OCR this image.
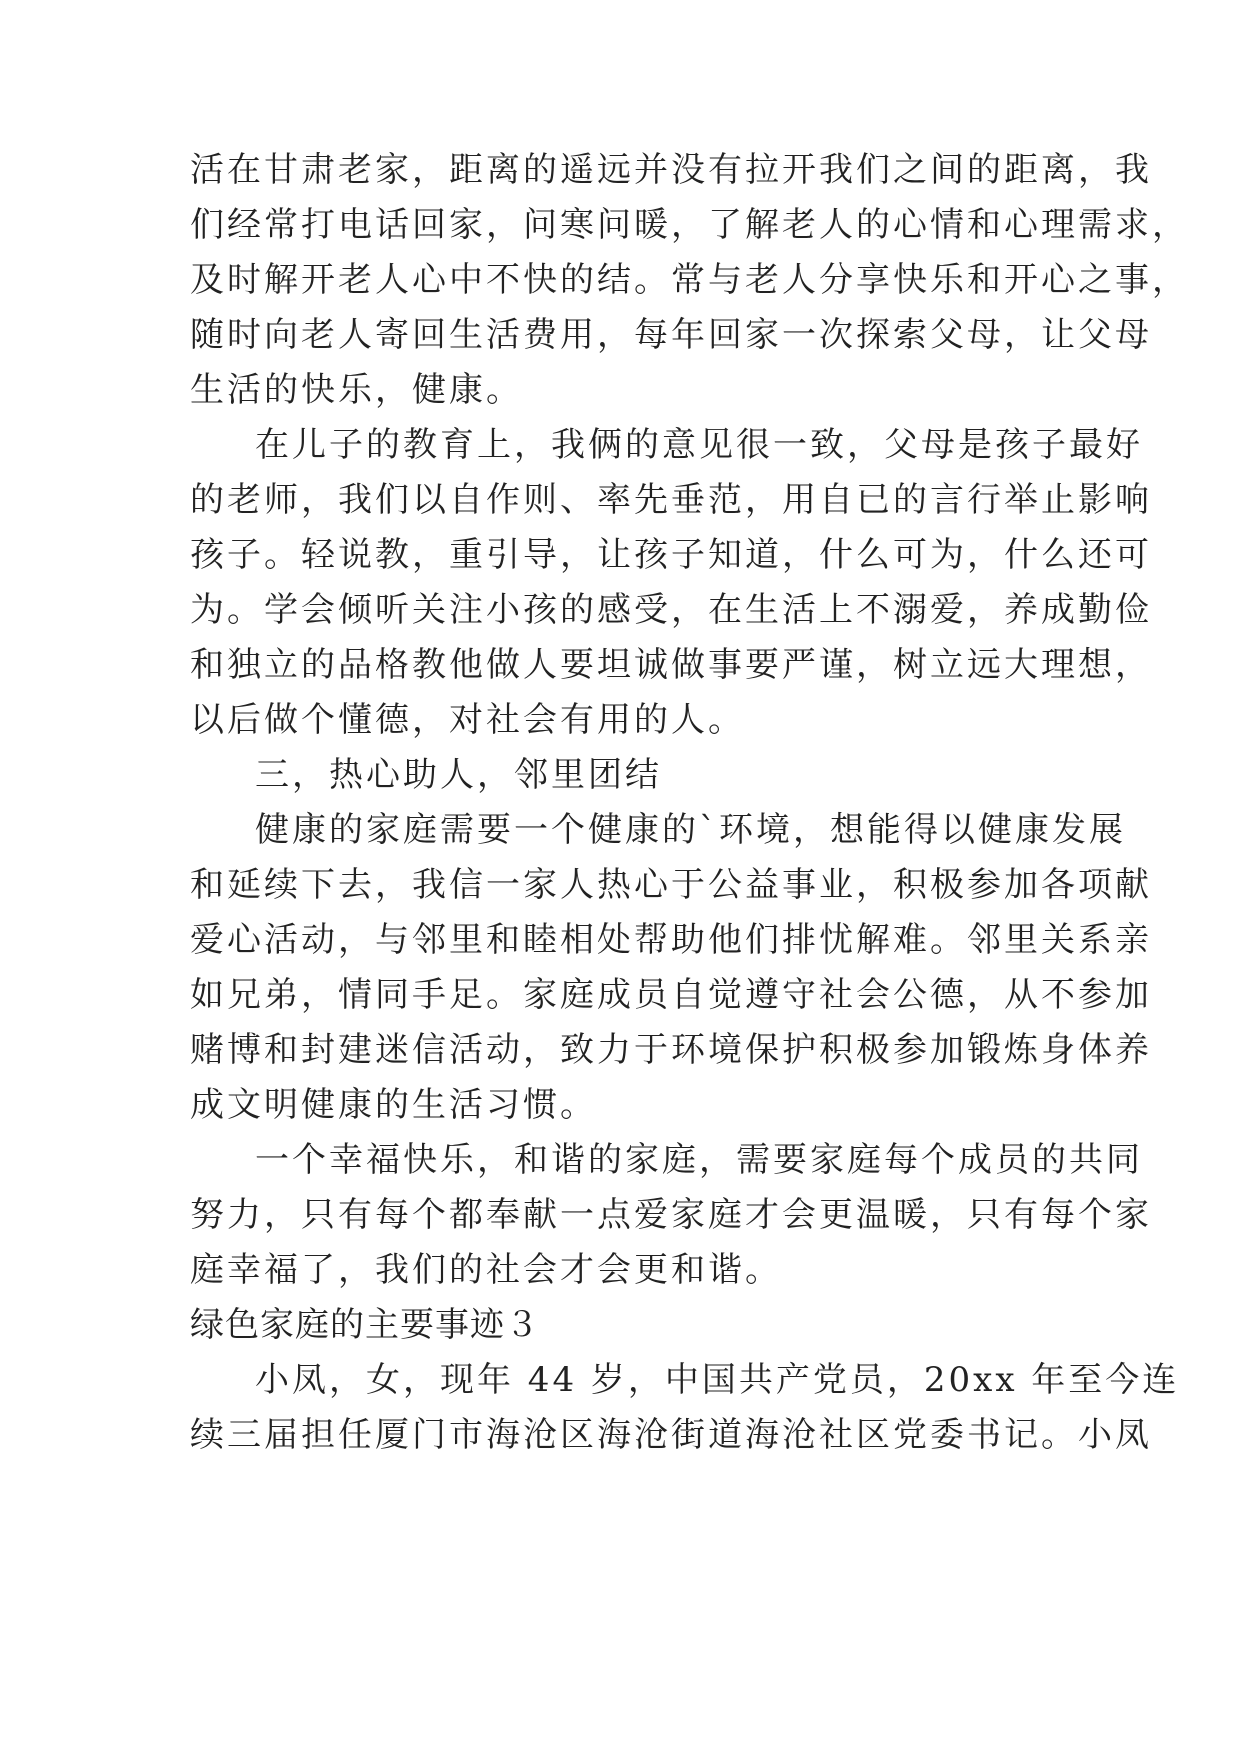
活在甘肃老家，距离的遥远并没有拉开我们之间的距离，我
们经常打电话回家，问寒问暖，了解老人的心情和心理需求，
及时解开老人心中不快的结。常与老人分享快乐和开心之事，
随时向老人寄回生活费用，每年回家一次探索父母，让父母
生活的快乐，健康。
在儿子的教育上，我俩的意见很一致，父母是孩子最好
的老师，我们以自作则、率先垂范，用自已的言行举止影响
孩子。轻说教，重引导，让孩子知道，什么可为，什么还可
为。学会倾听关注小孩的感受，在生活上不溺爱，养成勤俭
和独立的品格教他做人要坦诚做事要严谨，树立远大理想，
以后做个懂德，对社会有用的人。
三，热心助人，邻里团结
健康的家庭需要一个健康的`环境，想能得以健康发展
和延续下去，我信一家人热心于公益事业，积极参加各项献
爱心活动，与邻里和睦相处帮助他们排忧解难。邻里关系亲
如兄弟，情同手足。家庭成员自觉遵守社会公德，从不参加
赌博和封建迷信活动，致力于环境保护积极参加锻炼身体养
成文明健康的生活习惯。
一个幸福快乐，和谐的家庭，需要家庭每个成员的共同
努力，只有每个都奉献一点爱家庭才会更温暖，只有每个家
庭幸福了，我们的社会才会更和谐。
绿色家庭的主要事迹３
小凤，女，现年 44 岁，中国共产党员，20xx 年至今连
续三届担任厦门市海沧区海沧街道海沧社区党委书记。小凤
